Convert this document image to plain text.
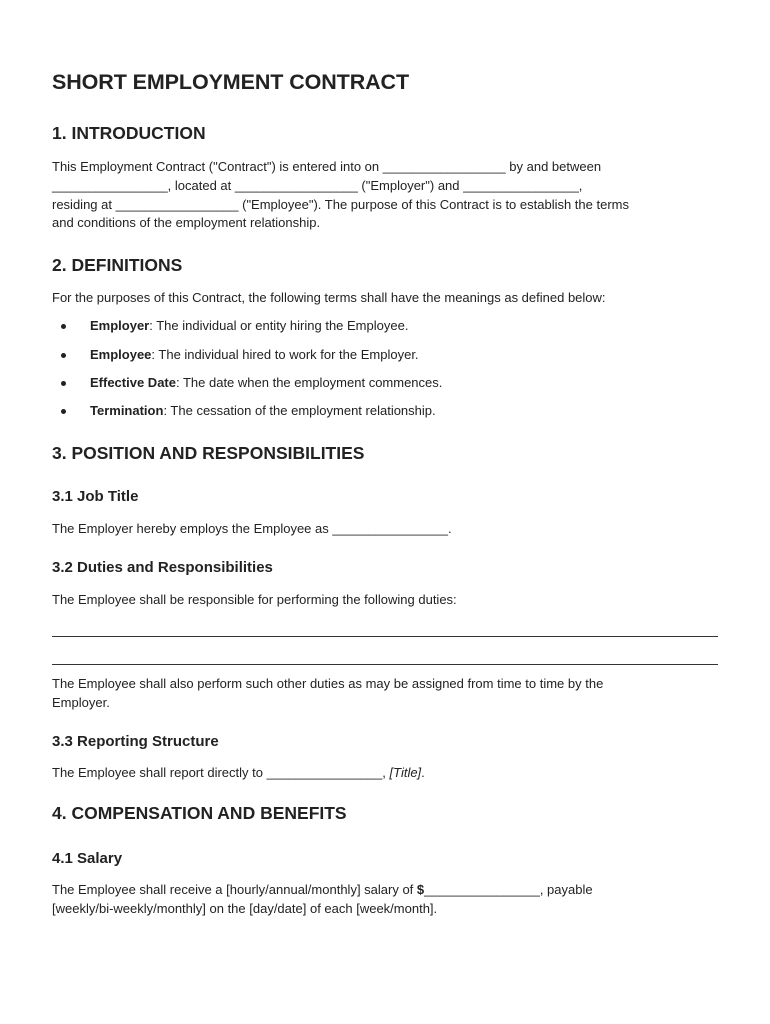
SHORT EMPLOYMENT CONTRACT
1. INTRODUCTION
This Employment Contract ("Contract") is entered into on _________________ by and between
________________, located at _________________ ("Employer") and ________________,
residing at _________________ ("Employee"). The purpose of this Contract is to establish the terms
and conditions of the employment relationship.
2. DEFINITIONS
For the purposes of this Contract, the following terms shall have the meanings as defined below:
Employer: The individual or entity hiring the Employee.
Employee: The individual hired to work for the Employer.
Effective Date: The date when the employment commences.
Termination: The cessation of the employment relationship.
3. POSITION AND RESPONSIBILITIES
3.1 Job Title
The Employer hereby employs the Employee as ________________.
3.2 Duties and Responsibilities
The Employee shall be responsible for performing the following duties:
The Employee shall also perform such other duties as may be assigned from time to time by the
Employer.
3.3 Reporting Structure
The Employee shall report directly to ________________, [Title].
4. COMPENSATION AND BENEFITS
4.1 Salary
The Employee shall receive a [hourly/annual/monthly] salary of $________________, payable
[weekly/bi-weekly/monthly] on the [day/date] of each [week/month].
